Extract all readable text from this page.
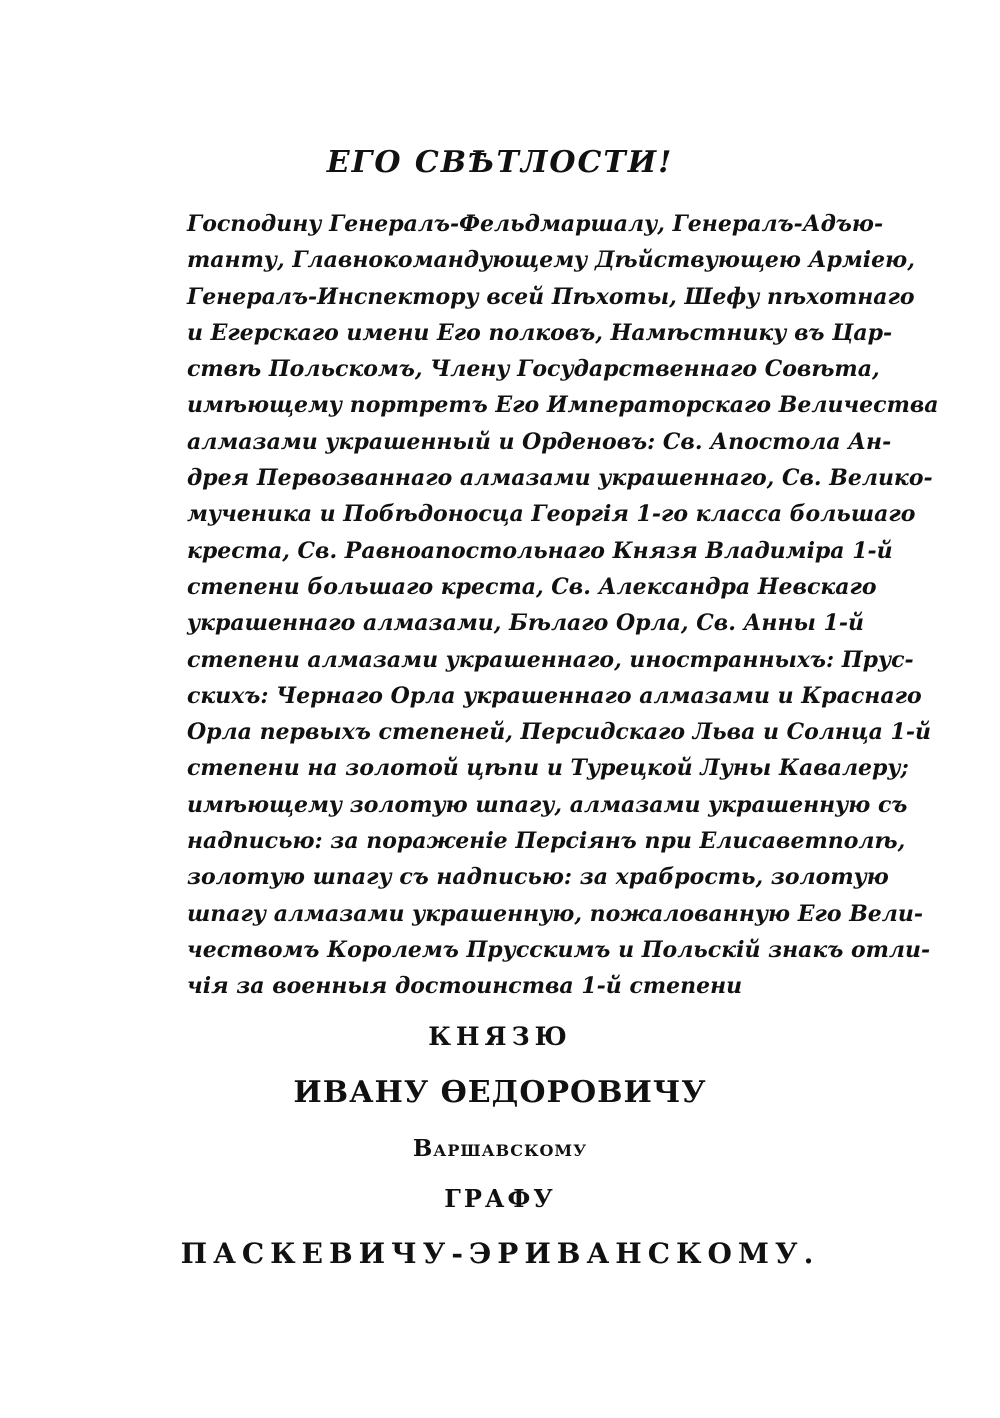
ЕГО СВѢТЛОСТИ!
Господину Генералъ-Фельдмаршалу, Генералъ-Адъю-
танту, Главнокомандующему Дѣйствующею Арміею,
Генералъ-Инспектору всей Пѣхоты, Шефу пѣхотнаго
и Егерскаго имени Его полковъ, Намѣстнику въ Цар-
ствѣ Польскомъ, Члену Государственнаго Совѣта,
имѣющему портретъ Его Императорскаго Величества
алмазами украшенный и Орденовъ: Св. Апостола Ан-
дрея Первозваннаго алмазами украшеннаго, Св. Велико-
мученика и Побѣдоносца Георгія 1-го класса большаго
креста, Св. Равноапостольнаго Князя Владиміра 1-й
степени большаго креста, Св. Александра Невскаго
украшеннаго алмазами, Бѣлаго Орла, Св. Анны 1-й
степени алмазами украшеннаго, иностранныхъ: Прус-
скихъ: Чернаго Орла украшеннаго алмазами и Краснаго
Орла первыхъ степеней, Персидскаго Льва и Солнца 1-й
степени на золотой цѣпи и Турецкой Луны Кавалеру;
имѣющему золотую шпагу, алмазами украшенную съ
надписью: за пораженіе Персіянъ при Елисаветполѣ,
золотую шпагу съ надписью: за храбрость, золотую
шпагу алмазами украшенную, пожалованную Его Вели-
чествомъ Королемъ Прусскимъ и Польскій знакъ отли-
чія за военныя достоинства 1-й степени
КНЯЗЮ
ИВАНУ ѲЕДОРОВИЧУ
Варшавскому
ГРАФУ
ПАСКЕВИЧУ-ЭРИВАНСКОМУ.
